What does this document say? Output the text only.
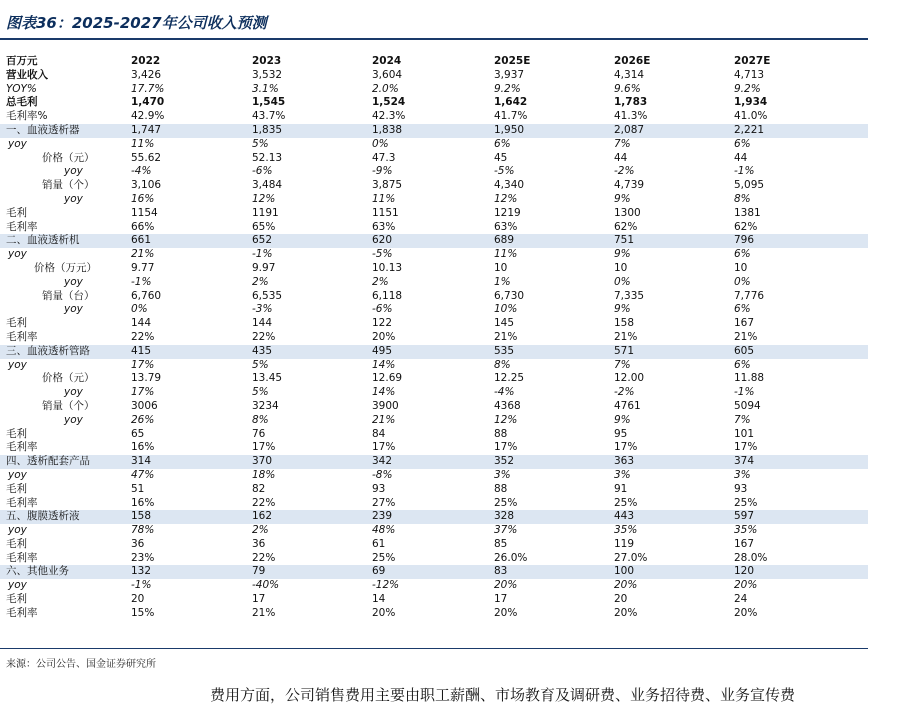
图表36：2025-2027年公司收入预测
百万元	2022	2023	2024	2025E	2026E	2027E
营业收入	3,426	3,532	3,604	3,937	4,314	4,713
YOY%	17.7%	3.1%	2.0%	9.2%	9.6%	9.2%
总毛利	1,470	1,545	1,524	1,642	1,783	1,934
毛利率%	42.9%	43.7%	42.3%	41.7%	41.3%	41.0%
一、血液透析器	1,747	1,835	1,838	1,950	2,087	2,221
yoy	11%	5%	0%	6%	7%	6%
价格（元）	55.62	52.13	47.3	45	44	44
yoy	-4%	-6%	-9%	-5%	-2%	-1%
销量（个）	3,106	3,484	3,875	4,340	4,739	5,095
yoy	16%	12%	11%	12%	9%	8%
毛利	1154	1191	1151	1219	1300	1381
毛利率	66%	65%	63%	63%	62%	62%
二、血液透析机	661	652	620	689	751	796
yoy	21%	-1%	-5%	11%	9%	6%
价格（万元）	9.77	9.97	10.13	10	10	10
yoy	-1%	2%	2%	1%	0%	0%
销量（台）	6,760	6,535	6,118	6,730	7,335	7,776
yoy	0%	-3%	-6%	10%	9%	6%
毛利	144	144	122	145	158	167
毛利率	22%	22%	20%	21%	21%	21%
三、血液透析管路	415	435	495	535	571	605
yoy	17%	5%	14%	8%	7%	6%
价格（元）	13.79	13.45	12.69	12.25	12.00	11.88
yoy	17%	5%	14%	-4%	-2%	-1%
销量（个）	3006	3234	3900	4368	4761	5094
yoy	26%	8%	21%	12%	9%	7%
毛利	65	76	84	88	95	101
毛利率	16%	17%	17%	17%	17%	17%
四、透析配套产品	314	370	342	352	363	374
yoy	47%	18%	-8%	3%	3%	3%
毛利	51	82	93	88	91	93
毛利率	16%	22%	27%	25%	25%	25%
五、腹膜透析液	158	162	239	328	443	597
yoy	78%	2%	48%	37%	35%	35%
毛利	36	36	61	85	119	167
毛利率	23%	22%	25%	26.0%	27.0%	28.0%
六、其他业务	132	79	69	83	100	120
yoy	-1%	-40%	-12%	20%	20%	20%
毛利	20	17	14	17	20	24
毛利率	15%	21%	20%	20%	20%	20%
来源：公司公告、国金证券研究所
费用方面，公司销售费用主要由职工薪酬、市场教育及调研费、业务招待费、业务宣传费
